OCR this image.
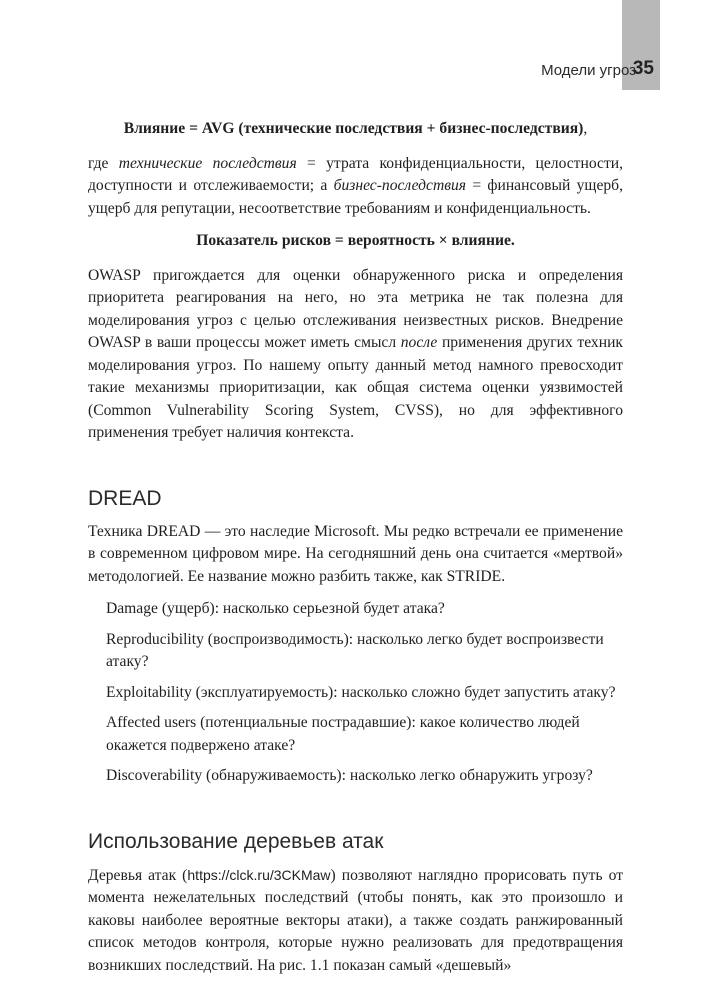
Модели угроз
35
Влияние = AVG (технические последствия + бизнес-последствия),

где технические последствия = утрата конфиденциальности, целостности, доступности и отслеживаемости; а бизнес-последствия = финансовый ущерб, ущерб для репутации, несоответствие требованиям и конфиденциальность.

Показатель рисков = вероятность × влияние.

OWASP пригождается для оценки обнаруженного риска и определения приоритета реагирования на него, но эта метрика не так полезна для моделирования угроз с целью отслеживания неизвестных рисков. Внедрение OWASP в ваши процессы может иметь смысл после применения других техник моделирования угроз. По нашему опыту данный метод намного превосходит такие механизмы приоритизации, как общая система оценки уязвимостей (Common Vulnerability Scoring System, CVSS), но для эффективного применения требует наличия контекста.

DREAD

Техника DREAD — это наследие Microsoft. Мы редко встречали ее применение в современном цифровом мире. На сегодняшний день она считается «мертвой» методологией. Ее название можно разбить также, как STRIDE.

Damage (ущерб): насколько серьезной будет атака?
Reproducibility (воспроизводимость): насколько легко будет воспроизвести атаку?
Exploitability (эксплуатируемость): насколько сложно будет запустить атаку?
Affected users (потенциальные пострадавшие): какое количество людей окажется подвержено атаке?
Discoverability (обнаруживаемость): насколько легко обнаружить угрозу?
Использование деревьев атак

Деревья атак (https://clck.ru/3CKMaw) позволяют наглядно прорисовать путь от момента нежелательных последствий (чтобы понять, как это произошло и каковы наиболее вероятные векторы атаки), а также создать ранжированный список методов контроля, которые нужно реализовать для предотвращения возникших последствий. На рис. 1.1 показан самый «дешевый»
